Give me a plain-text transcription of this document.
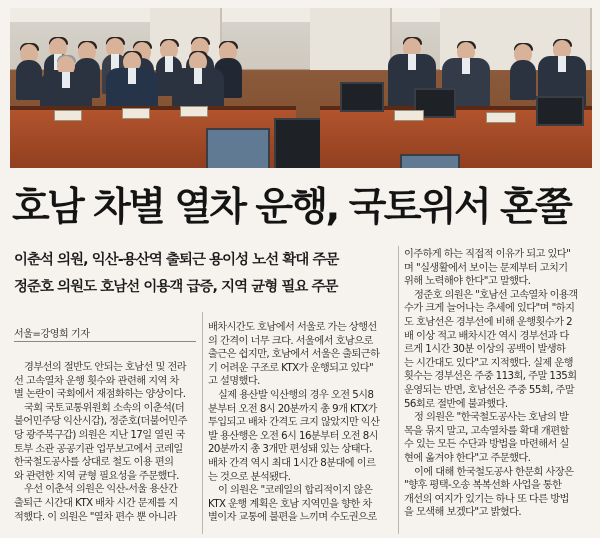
호남 차별 열차 운행, 국토위서 혼쭐
이춘석 의원, 익산-용산역 출퇴근 용이성 노선 확대 주문
정준호 의원도 호남선 이용객 급증, 지역 균형 필요 주문
서울=강영희 기자

경부선의 절반도 안되는 호남선 및 전라

선 고속열차 운행 횟수와 관련해 지역 차

별 논란이 국회에서 재점화하는 양상이다.

국회 국토교통위원회 소속의 이춘석(더

불어민주당 익산시갑), 정준호(더불어민주

당 광주북구갑) 의원은 지난 17일 열린 국

토부 소관 공공기관 업무보고에서 코레일

한국철도공사를 상대로 철도 이용 편의

와 관련한 지역 균형 필요성을 주문했다.

우선 이춘석 의원은 익산-서울 용산간

출퇴근 시간대 KTX 배차 시간 문제를 지

적했다. 이 의원은 "열차 편수 뿐 아니라

배차시간도 호남에서 서울로 가는 상행선

의 간격이 너무 크다. 서울에서 호남으로

출근은 쉽지만, 호남에서 서울은 출퇴근하

기 어려운 구조로 KTX가 운행되고 있다"

고 설명했다.

실제 용산발 익산행의 경우 오전 5시8

분부터 오전 8시 20분까지 총 9개 KTX가

투입되고 배차 간격도 크지 않았지만 익산

발 용산행은 오전 6시 16분부터 오전 8시

20분까지 총 3개만 편성돼 있는 상태다.

배차 간격 역시 최대 1시간 8분대에 이르

는 것으로 분석됐다.

이 의원은 "코레일의 합리적이지 않은

KTX 운행 계획은 호남 지역민을 향한 차

별이자 교통에 불편을 느끼며 수도권으로

이주하게 하는 직접적 이유가 되고 있다"

며 "실생활에서 보이는 문제부터 고치기

위해 노력해야 한다"고 말했다.

정준호 의원은 "호남선 고속열차 이용객

수가 크게 늘어나는 추세에 있다"며 "하지

도 호남선은 경부선에 비해 운행횟수가 2

배 이상 적고 배차시간 역시 경부선과 다

르게 1시간 30분 이상의 공백이 발생하

는 시간대도 있다"고 지적했다. 실제 운행

횟수는 경부선은 주중 113회, 주말 135회

운영되는 반면, 호남선은 주중 55회, 주말

56회로 절반에 불과했다.

정 의원은 "한국철도공사는 호남의 발

목을 묶지 말고, 고속열차를 확대 개편할

수 있는 모든 수단과 방법을 마련해서 실

현에 옮겨야 한다"고 주문했다.

이에 대해 한국철도공사 한문희 사장은

"향후 평택-오송 복복선화 사업을 통한

개선의 여지가 있기는 하나 또 다른 방법

을 모색해 보겠다"고 밝혔다.
